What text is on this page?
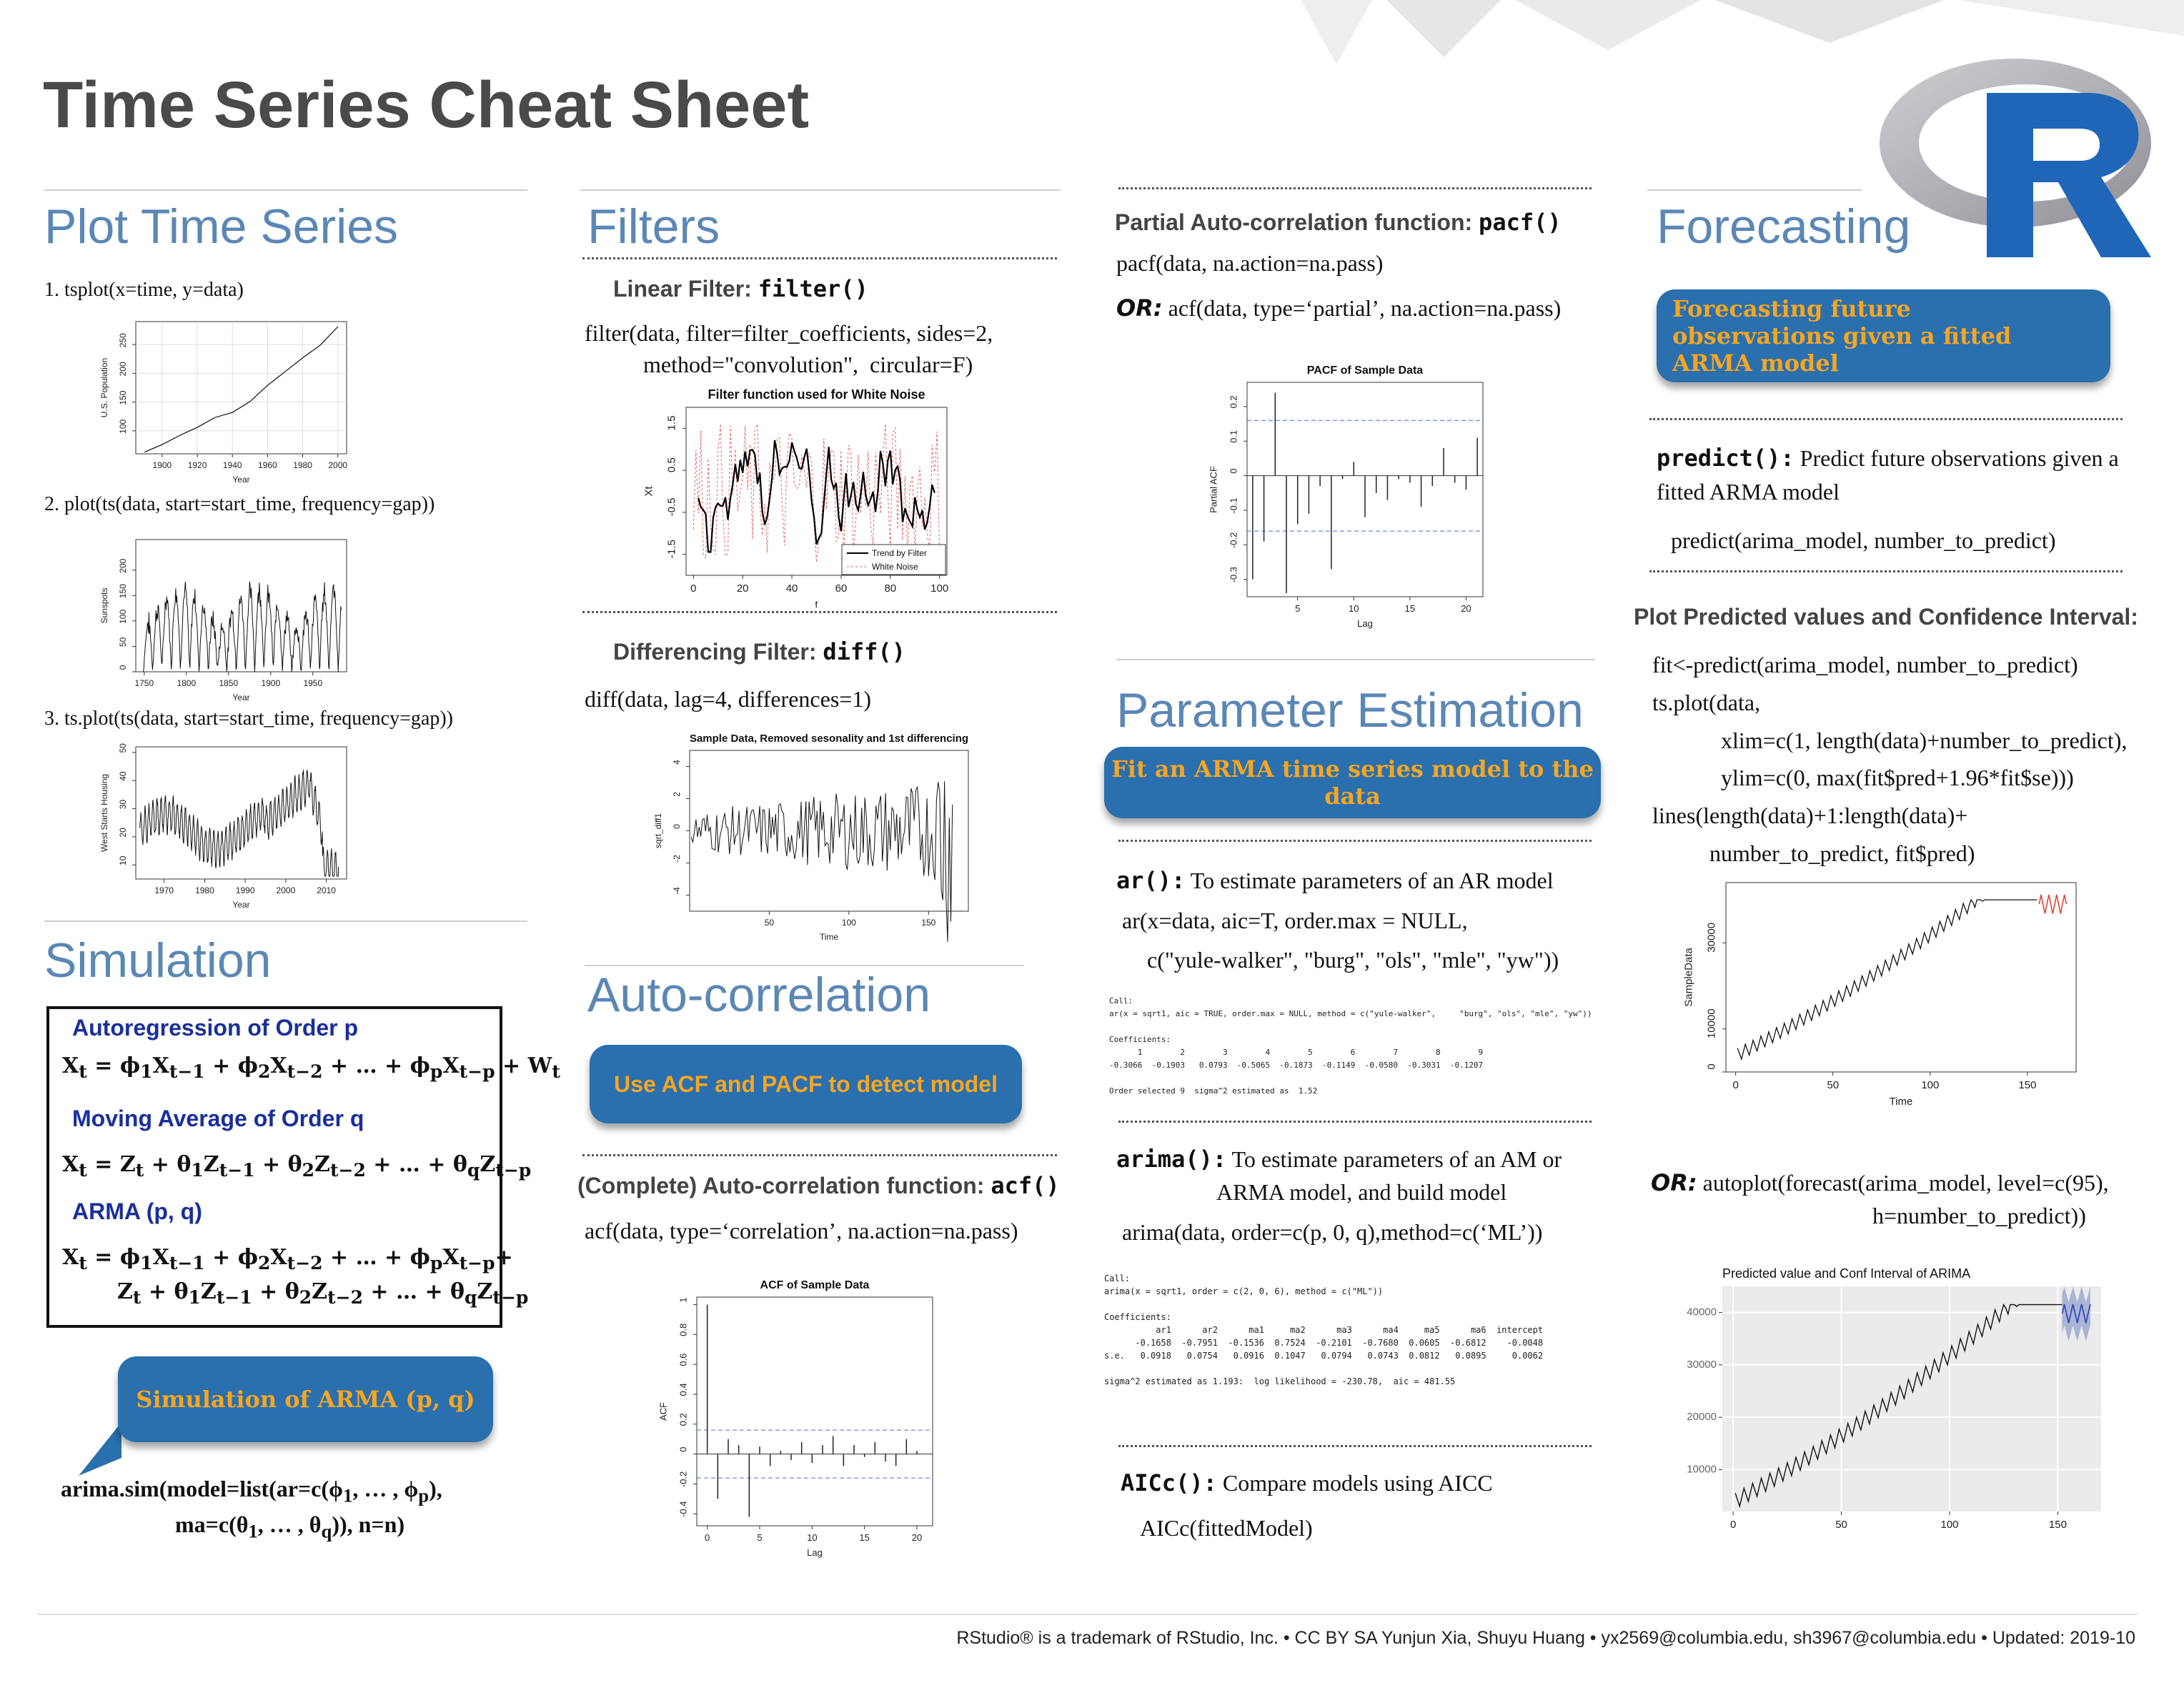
Time Series Cheat Sheet
Plot Time Series
1. tsplot(x=time, y=data)
1900 1920 1940 1960 1980 2000
100
150
200
250
Year
U.S. Population
2. plot(ts(data, start=start_time, frequency=gap))
1750	1800	1850	1900	1950
0
50
100
150
200
Year
Sunspots
3. ts.plot(ts(data, start=start_time, frequency=gap))
1970	1980	1990	2000	2010
10
20
30
40
50
Year
West Starts Housing
Simulation
Autoregression of Order p
$X_t = \phi_1X_{t-1} + \phi_2X_{t-2}$ + … + $\phi_pX_{t-p} + W_t$
Moving Average of Order q
$X_t = Z_t + \theta_1Z_{t-1} + \theta_2Z_{t-2}$ + … + $\theta_qZ_{t-p}$
ARMA (p, q)
$X_t = \phi_1X_{t-1} + \phi_2X_{t-2}$ + … + $\phi_pX_{t-p}+$
$Z_t + \theta_1Z_{t-1} + \theta_2Z_{t-2}$ + … + $\theta_qZ_{t-p}$
Simulation of ARMA (p, q)
$arima.sim(model=list(ar=c(\phi_1$, … , $\phi_p$),
$ma=c(\theta_1$, … , $\theta_q$)), n=n)
Filters
Linear Filter: filter()
filter(data, filter=filter_coefficients, sides=2,
method="convolution",  circular=F)
0	20	40	60	80	100
-1.5
-0.5
0.5
1.5
t
Xt
Filter function used for White Noise
Trend by Filter
White Noise
Differencing Filter: diff()
diff(data, lag=4, differences=1)
50	100	150
-4
-2
0
2
4
Time
sqrt_diff1
Sample Data, Removed sesonality and 1st differencing
Auto-correlation
Use ACF and PACF to detect model
(Complete) Auto-correlation function: acf()
acf(data, type=‘correlation’, na.action=na.pass)
0	5	10	15	20
-0.4
-0.2
0
0.2
0.4
0.6
0.8
1
Lag
ACF
ACF of Sample Data
Partial Auto-correlation function: pacf()
pacf(data, na.action=na.pass)
OR: acf(data, type=‘partial’, na.action=na.pass)
5	10	15	20
-0.3
-0.2
-0.1
0
0.1
0.2
Lag
Partial ACF
PACF of Sample Data
Parameter Estimation
Fit an ARMA time series model to the data
ar(): To estimate parameters of an AR model
ar(x=data, aic=T, order.max = NULL,
c("yule-walker", "burg", "ols", "mle", "yw"))
Call:
ar(x = sqrt1, aic = TRUE, order.max = NULL, method = c("yule-walker",     "burg", "ols", "mle", "yw"))

Coefficients:
1        2        3        4        5        6        7        8        9
-0.3066  -0.1903   0.0793  -0.5065  -0.1873  -0.1149  -0.0580  -0.3031  -0.1207

Order selected 9  sigma^2 estimated as  1.52
arima(): To estimate parameters of an AM or
ARMA model, and build model
arima(data, order=c(p, 0, q),method=c(‘ML’))
Call:
arima(x = sqrt1, order = c(2, 0, 6), method = c("ML"))

Coefficients:
ar1      ar2      ma1     ma2      ma3      ma4     ma5      ma6  intercept
-0.1658  -0.7951  -0.1536  0.7524  -0.2101  -0.7680  0.0605  -0.6812    -0.0048
s.e.   0.0918   0.0754   0.0916  0.1047   0.0794   0.0743  0.0812   0.0895     0.0062

sigma^2 estimated as 1.193:  log likelihood = -230.78,  aic = 481.55
AICc(): Compare models using AICC
AICc(fittedModel)
Forecasting
Forecasting future observations given a fitted ARMA model
predict(): Predict future observations given a
fitted ARMA model
predict(arima_model, number_to_predict)
Plot Predicted values and Confidence Interval:
fit<-predict(arima_model, number_to_predict)
ts.plot(data,
xlim=c(1, length(data)+number_to_predict),
ylim=c(0, max(fit$pred+1.96*fit$se)))
lines(length(data)+1:length(data)+
number_to_predict, fit$pred)
0	50	100	150
0
10000
30000
Time
SampleData
OR: autoplot(forecast(arima_model, level=c(95),
h=number_to_predict))
0	50	100	150
10000
20000
30000
40000
Predicted value and Conf Interval of ARIMA
RStudio® is a trademark of RStudio, Inc. • CC BY SA Yunjun Xia, Shuyu Huang • yx2569@columbia.edu, sh3967@columbia.edu • Updated: 2019-10
